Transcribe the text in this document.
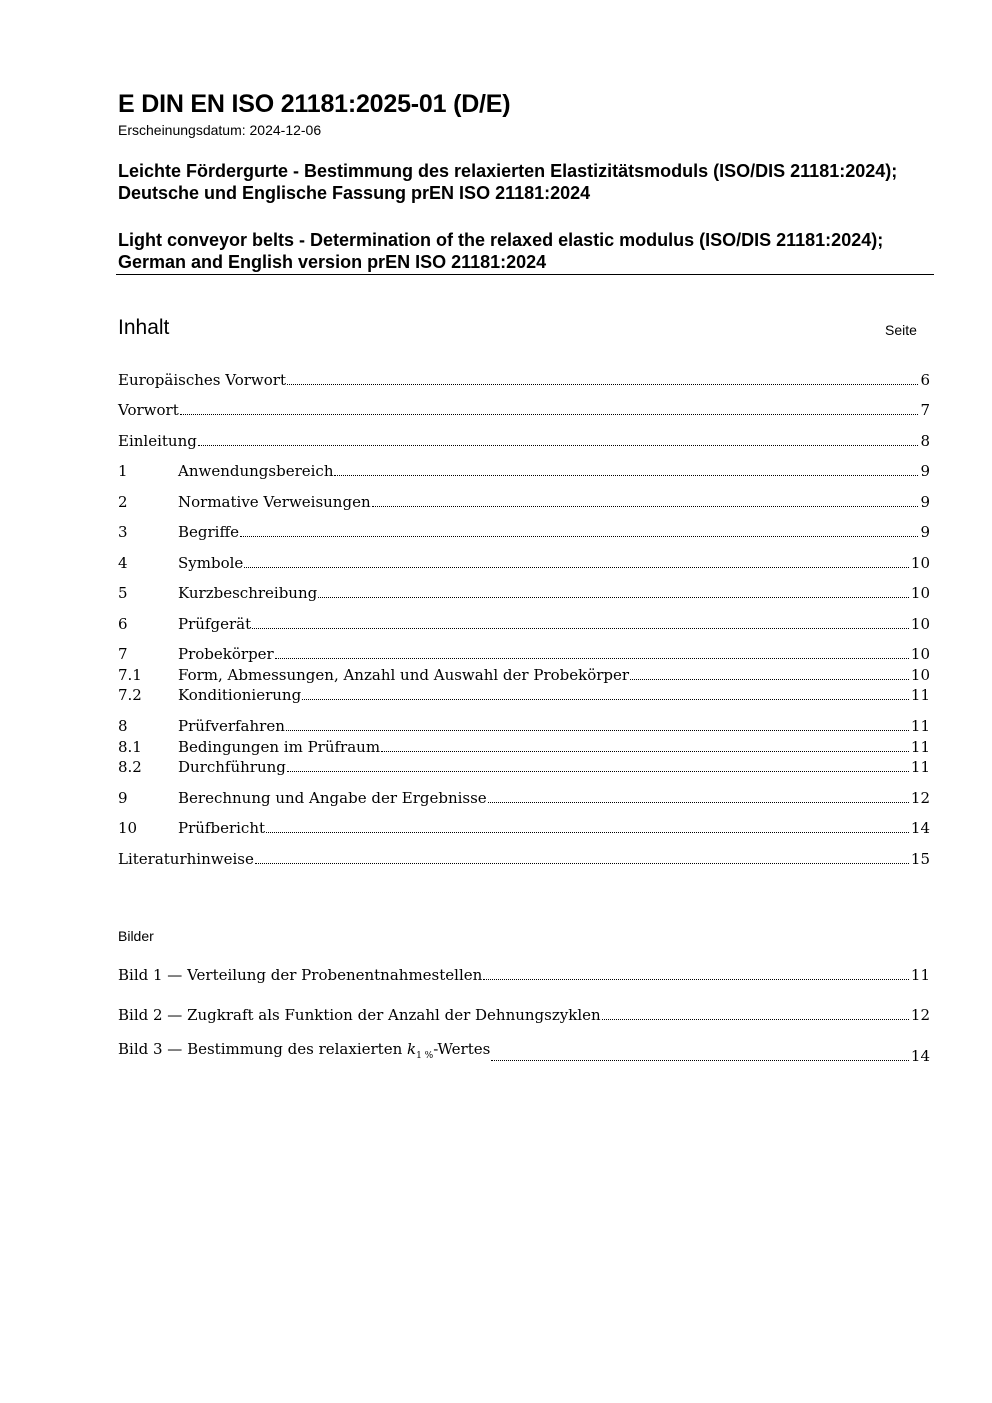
E DIN EN ISO 21181:2025-01 (D/E)
Erscheinungsdatum: 2024-12-06
Leichte Fördergurte - Bestimmung des relaxierten Elastizitätsmoduls (ISO/DIS 21181:2024); Deutsche und Englische Fassung prEN ISO 21181:2024
Light conveyor belts - Determination of the relaxed elastic modulus (ISO/DIS 21181:2024); German and English version prEN ISO 21181:2024
Inhalt	Seite
Europäisches Vorwort	6
Vorwort	7
Einleitung	8
1	Anwendungsbereich	9
2	Normative Verweisungen	9
3	Begriffe	9
4	Symbole	10
5	Kurzbeschreibung	10
6	Prüfgerät	10
7	Probekörper	10
7.1	Form, Abmessungen, Anzahl und Auswahl der Probekörper	10
7.2	Konditionierung	11
8	Prüfverfahren	11
8.1	Bedingungen im Prüfraum	11
8.2	Durchführung	11
9	Berechnung und Angabe der Ergebnisse	12
10	Prüfbericht	14
Literaturhinweise	15
Bilder
Bild 1 — Verteilung der Probenentnahmestellen	11
Bild 2 — Zugkraft als Funktion der Anzahl der Dehnungszyklen	12
Bild 3 — Bestimmung des relaxierten $k_{1 \%}$-Wertes	14
